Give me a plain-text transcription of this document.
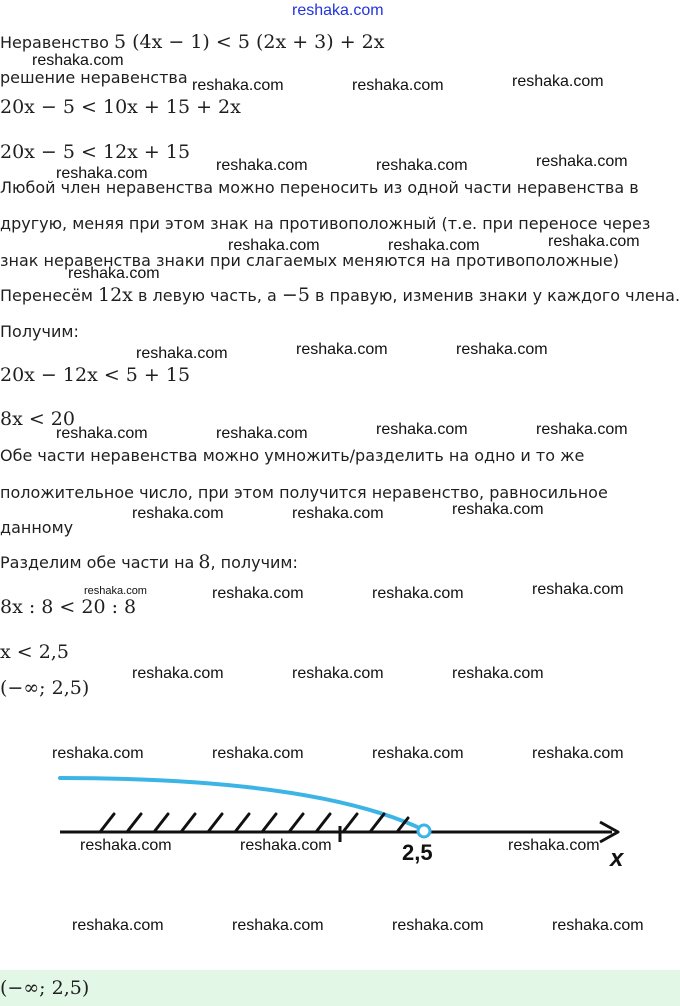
reshaka.com
Неравенство 5 (4x − 1) < 5 (2x + 3) + 2x
решение неравенства
20x − 5 < 10x + 15 + 2x
20x − 5 < 12x + 15
Любой член неравенства можно переносить из одной части неравенства в
другую, меняя при этом знак на противоположный (т.е. при переносе через
знак неравенства знаки при слагаемых меняются на противоположные)
Перенесём 12x в левую часть, а −5 в правую, изменив знаки у каждого члена.
Получим:
20x − 12x < 5 + 15
8x < 20
Обе части неравенства можно умножить/разделить на одно и то же
положительное число, при этом получится неравенство, равносильное
данному
Разделим обе части на 8, получим:
8x : 8 < 20 : 8
x < 2,5
(−∞; 2,5)
2,5	x
(−∞; 2,5)
reshaka.com
reshaka.com	reshaka.com	reshaka.com
reshaka.com	reshaka.com	reshaka.com
reshaka.com
reshaka.com	reshaka.com	reshaka.com
reshaka.com
reshaka.com	reshaka.com	reshaka.com
reshaka.com	reshaka.com	reshaka.com	reshaka.com
reshaka.com	reshaka.com	reshaka.com
reshaka.com	reshaka.com	reshaka.com	reshaka.com
reshaka.com	reshaka.com	reshaka.com
reshaka.com	reshaka.com	reshaka.com	reshaka.com
reshaka.com	reshaka.com	reshaka.com
reshaka.com	reshaka.com	reshaka.com	reshaka.com
